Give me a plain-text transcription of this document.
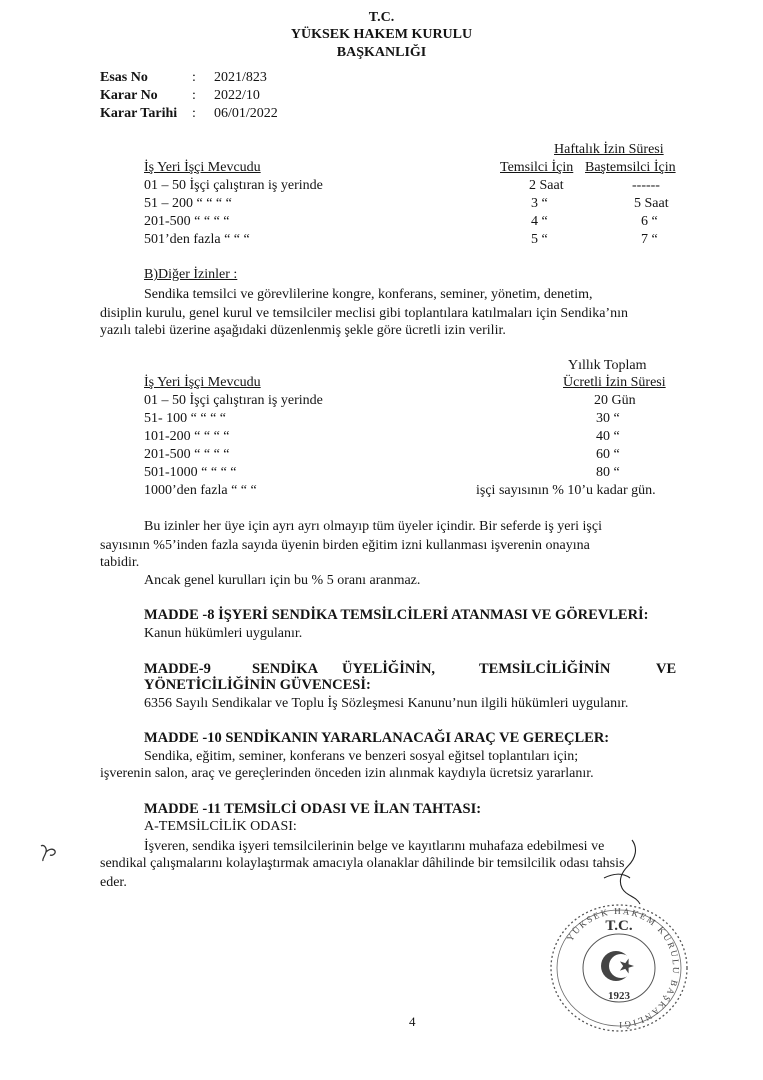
T.C.
YÜKSEK HAKEM KURULU
BAŞKANLIĞI
Esas No	: 2021/823
Karar No : 2022/10
Karar Tarihi : 06/01/2022
Haftalık İzin Süresi
İş Yeri İşçi Mevcudu	Temsilci İçin Baştemsilci İçin
01 – 50 İşçi çalıştıran iş yerinde	2 Saat	------
51 – 200 “ “ “ “	3 “	5 Saat
201-500 “ “ “ “	4 “	6 “
501’den fazla “ “ “	5 “	7 “
B)Diğer İzinler :
Sendika temsilci ve görevlilerine kongre, konferans, seminer, yönetim, denetim,
disiplin kurulu, genel kurul ve temsilciler meclisi gibi toplantılara katılmaları için Sendika’nın
yazılı talebi üzerine aşağıdaki düzenlenmiş şekle göre ücretli izin verilir.
Yıllık Toplam
İş Yeri İşçi Mevcudu	Ücretli İzin Süresi
01 – 50 İşçi çalıştıran iş yerinde	20 Gün
51- 100 “ “ “ “	30 “
101-200 “ “ “ “	40 “
201-500 “ “ “ “	60 “
501-1000 “ “ “ “	80 “
1000’den fazla “ “ “	işçi sayısının % 10’u kadar gün.
Bu izinler her üye için ayrı ayrı olmayıp tüm üyeler içindir. Bir seferde iş yeri işçi
sayısının %5’inden fazla sayıda üyenin birden eğitim izni kullanması işverenin onayına
tabidir.
Ancak genel kurulları için bu % 5 oranı aranmaz.
MADDE -8 İŞYERİ SENDİKA TEMSİLCİLERİ ATANMASI VE GÖREVLERİ:
Kanun hükümleri uygulanır.
MADDE-9	SENDİKA ÜYELİĞİNİN,	TEMSİLCİLİĞİNİN	VE
YÖNETİCİLİĞİNİN GÜVENCESİ:
6356 Sayılı Sendikalar ve Toplu İş Sözleşmesi Kanunu’nun ilgili hükümleri uygulanır.
MADDE -10 SENDİKANIN YARARLANACAĞI ARAÇ VE GEREÇLER:
Sendika, eğitim, seminer, konferans ve benzeri sosyal eğitsel toplantıları için;
işverenin salon, araç ve gereçlerinden önceden izin alınmak kaydıyla ücretsiz yararlanır.
MADDE -11 TEMSİLCİ ODASI VE İLAN TAHTASI:
A-TEMSİLCİLİK ODASI:
İşveren, sendika işyeri temsilcilerinin belge ve kayıtlarını muhafaza edebilmesi ve
sendikal çalışmalarını kolaylaştırmak amacıyla olanaklar dâhilinde bir temsilcilik odası tahsis
eder.
YÜKSEK HAKEM KURULU BAŞKANLIĞI
T.C.
1923
4
